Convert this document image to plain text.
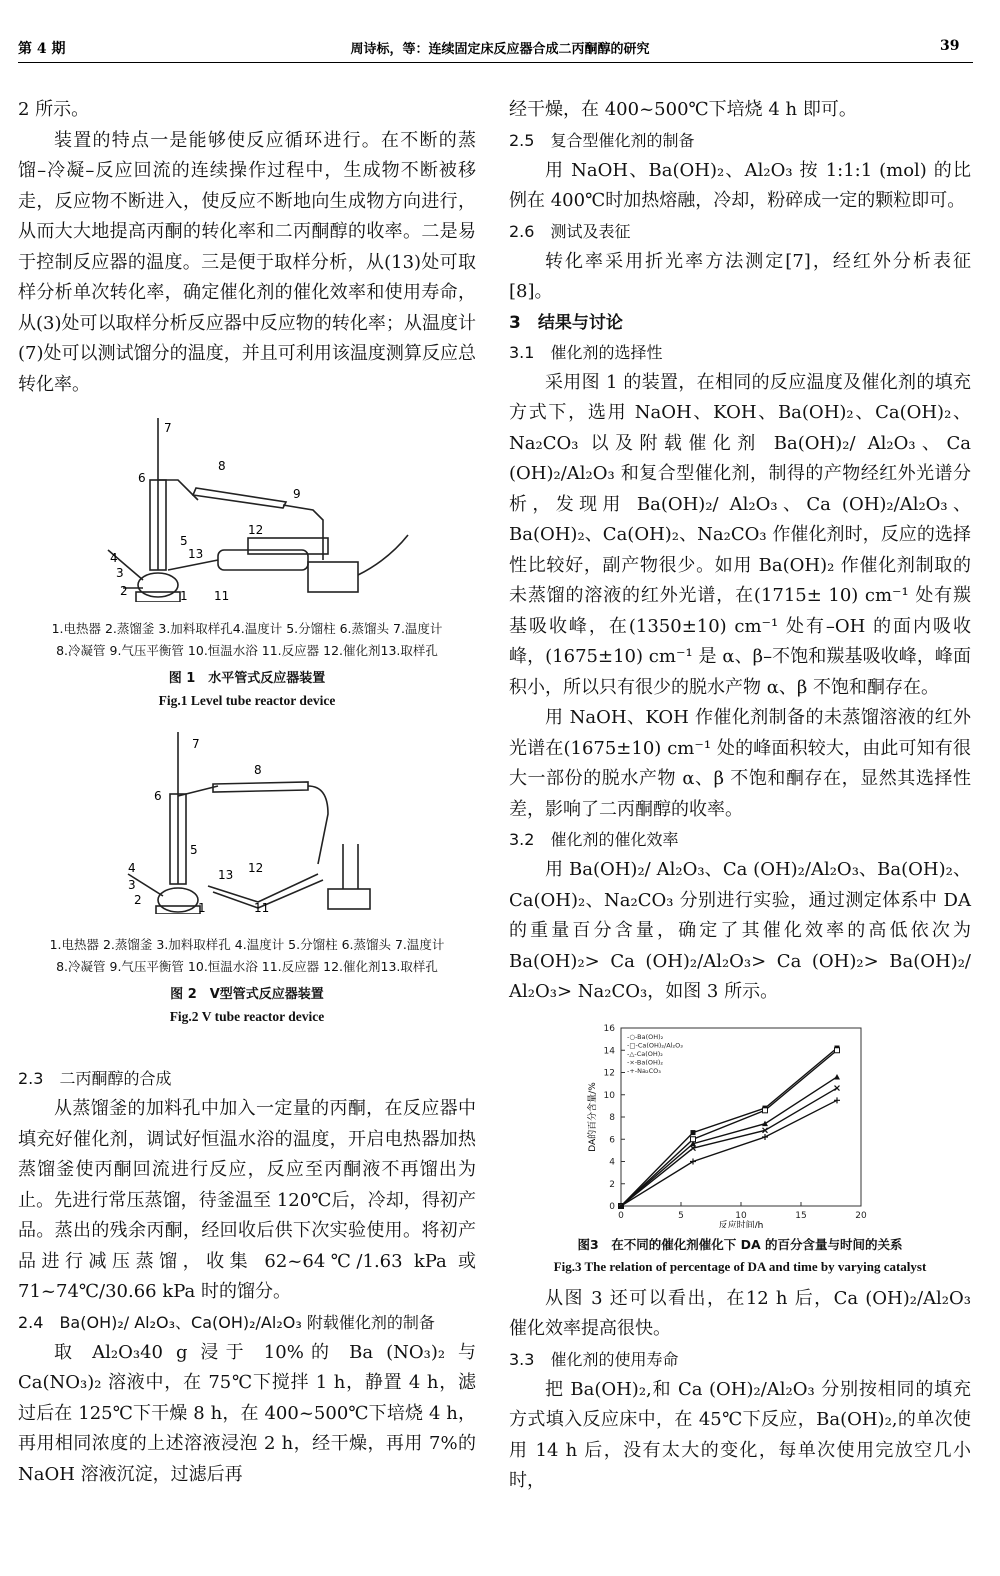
第 4 期	周诗标，等：连续固定床反应器合成二丙酮醇的研究	39
2 所示。
装置的特点一是能够使反应循环进行。在不断的蒸馏–冷凝–反应回流的连续操作过程中，生成物不断被移走，反应物不断进入，使反应不断地向生成物方向进行，从而大大地提高丙酮的转化率和二丙酮醇的收率。二是易于控制反应器的温度。三是便于取样分析，从(13)处可取样分析单次转化率，确定催化剂的催化效率和使用寿命，从(3)处可以取样分析反应器中反应物的转化率；从温度计(7)处可以测试馏分的温度，并且可利用该温度测算反应总转化率。
7
8
6
9
5
12
13
4
3
2	1 11
1.电热器 2.蒸馏釜 3.加料取样孔4.温度计 5.分馏柱 6.蒸馏头 7.温度计
8.冷凝管 9.气压平衡管 10.恒温水浴 11.反应器 12.催化剂13.取样孔
图 1　水平管式反应器装置
Fig.1 Level tube reactor device
7
8
6
5
12
13
4
3
2
1	11
1.电热器 2.蒸馏釜 3.加料取样孔 4.温度计 5.分馏柱 6.蒸馏头 7.温度计
8.冷凝管 9.气压平衡管 10.恒温水浴 11.反应器 12.催化剂13.取样孔
图 2　V型管式反应器装置
Fig.2 V tube reactor device
2.3　二丙酮醇的合成
从蒸馏釜的加料孔中加入一定量的丙酮，在反应器中填充好催化剂，调试好恒温水浴的温度，开启电热器加热蒸馏釜使丙酮回流进行反应，反应至丙酮液不再馏出为止。先进行常压蒸馏，待釜温至 120℃后，冷却，得初产品。蒸出的残余丙酮，经回收后供下次实验使用。将初产品进行减压蒸馏，收集 62~64℃/1.63 kPa 或 71~74℃/30.66 kPa 时的馏分。
2.4　Ba(OH)₂/ Al₂O₃、Ca(OH)₂/Al₂O₃ 附载催化剂的制备
取 Al₂O₃40 g 浸于 10%的 Ba (NO₃)₂ 与 Ca(NO₃)₂ 溶液中，在 75℃下搅拌 1 h，静置 4 h，滤过后在 125℃下干燥 8 h，在 400~500℃下培烧 4 h，再用相同浓度的上述溶液浸泡 2 h，经干燥，再用 7%的 NaOH 溶液沉淀，过滤后再
经干燥，在 400~500℃下培烧 4 h 即可。
2.5　复合型催化剂的制备
用 NaOH、Ba(OH)₂、Al₂O₃ 按 1:1:1 (mol) 的比例在 400℃时加热熔融，冷却，粉碎成一定的颗粒即可。
2.6　测试及表征
转化率采用折光率方法测定[7]，经红外分析表征[8]。
3　结果与讨论
3.1　催化剂的选择性
采用图 1 的装置，在相同的反应温度及催化剂的填充方式下，选用 NaOH、KOH、Ba(OH)₂、Ca(OH)₂、Na₂CO₃ 以及附载催化剂 Ba(OH)₂/ Al₂O₃、Ca (OH)₂/Al₂O₃ 和复合型催化剂，制得的产物经红外光谱分析，发现用 Ba(OH)₂/ Al₂O₃、Ca (OH)₂/Al₂O₃、Ba(OH)₂、Ca(OH)₂、Na₂CO₃ 作催化剂时，反应的选择性比较好，副产物很少。如用 Ba(OH)₂ 作催化剂制取的未蒸馏的溶液的红外光谱，在(1715± 10) cm⁻¹ 处有羰基吸收峰，在(1350±10) cm⁻¹ 处有–OH 的面内吸收峰，(1675±10) cm⁻¹ 是 α、β–不饱和羰基吸收峰，峰面积小，所以只有很少的脱水产物 α、β 不饱和酮存在。
用 NaOH、KOH 作催化剂制备的未蒸馏溶液的红外光谱在(1675±10) cm⁻¹ 处的峰面积较大，由此可知有很大一部份的脱水产物 α、β 不饱和酮存在，显然其选择性差，影响了二丙酮醇的收率。
3.2　催化剂的催化效率
用 Ba(OH)₂/ Al₂O₃、Ca (OH)₂/Al₂O₃、Ba(OH)₂、Ca(OH)₂、Na₂CO₃ 分别进行实验，通过测定体系中 DA 的重量百分含量，确定了其催化效率的高低依次为 Ba(OH)₂> Ca (OH)₂/Al₂O₃> Ca (OH)₂> Ba(OH)₂/ Al₂O₃> Na₂CO₃，如图 3 所示。
0
2
4
6
8
10
12
14
16
0	5	10	15	20
-○-Ba(OH)₂
-□-Ca(OH)₂/Al₂O₃
-△-Ca(OH)₂
-×-Ba(OH)₂
-+-Na₂CO₃
反应时间/h
DA的百分含量/%
图3　在不同的催化剂催化下 DA 的百分含量与时间的关系
Fig.3 The relation of percentage of DA and time by varying catalyst
从图 3 还可以看出，在12 h 后，Ca (OH)₂/Al₂O₃ 催化效率提高很快。
3.3　催化剂的使用寿命
把 Ba(OH)₂,和 Ca (OH)₂/Al₂O₃ 分别按相同的填充方式填入反应床中，在 45℃下反应，Ba(OH)₂,的单次使用 14 h 后，没有太大的变化，每单次使用完放空几小时，
